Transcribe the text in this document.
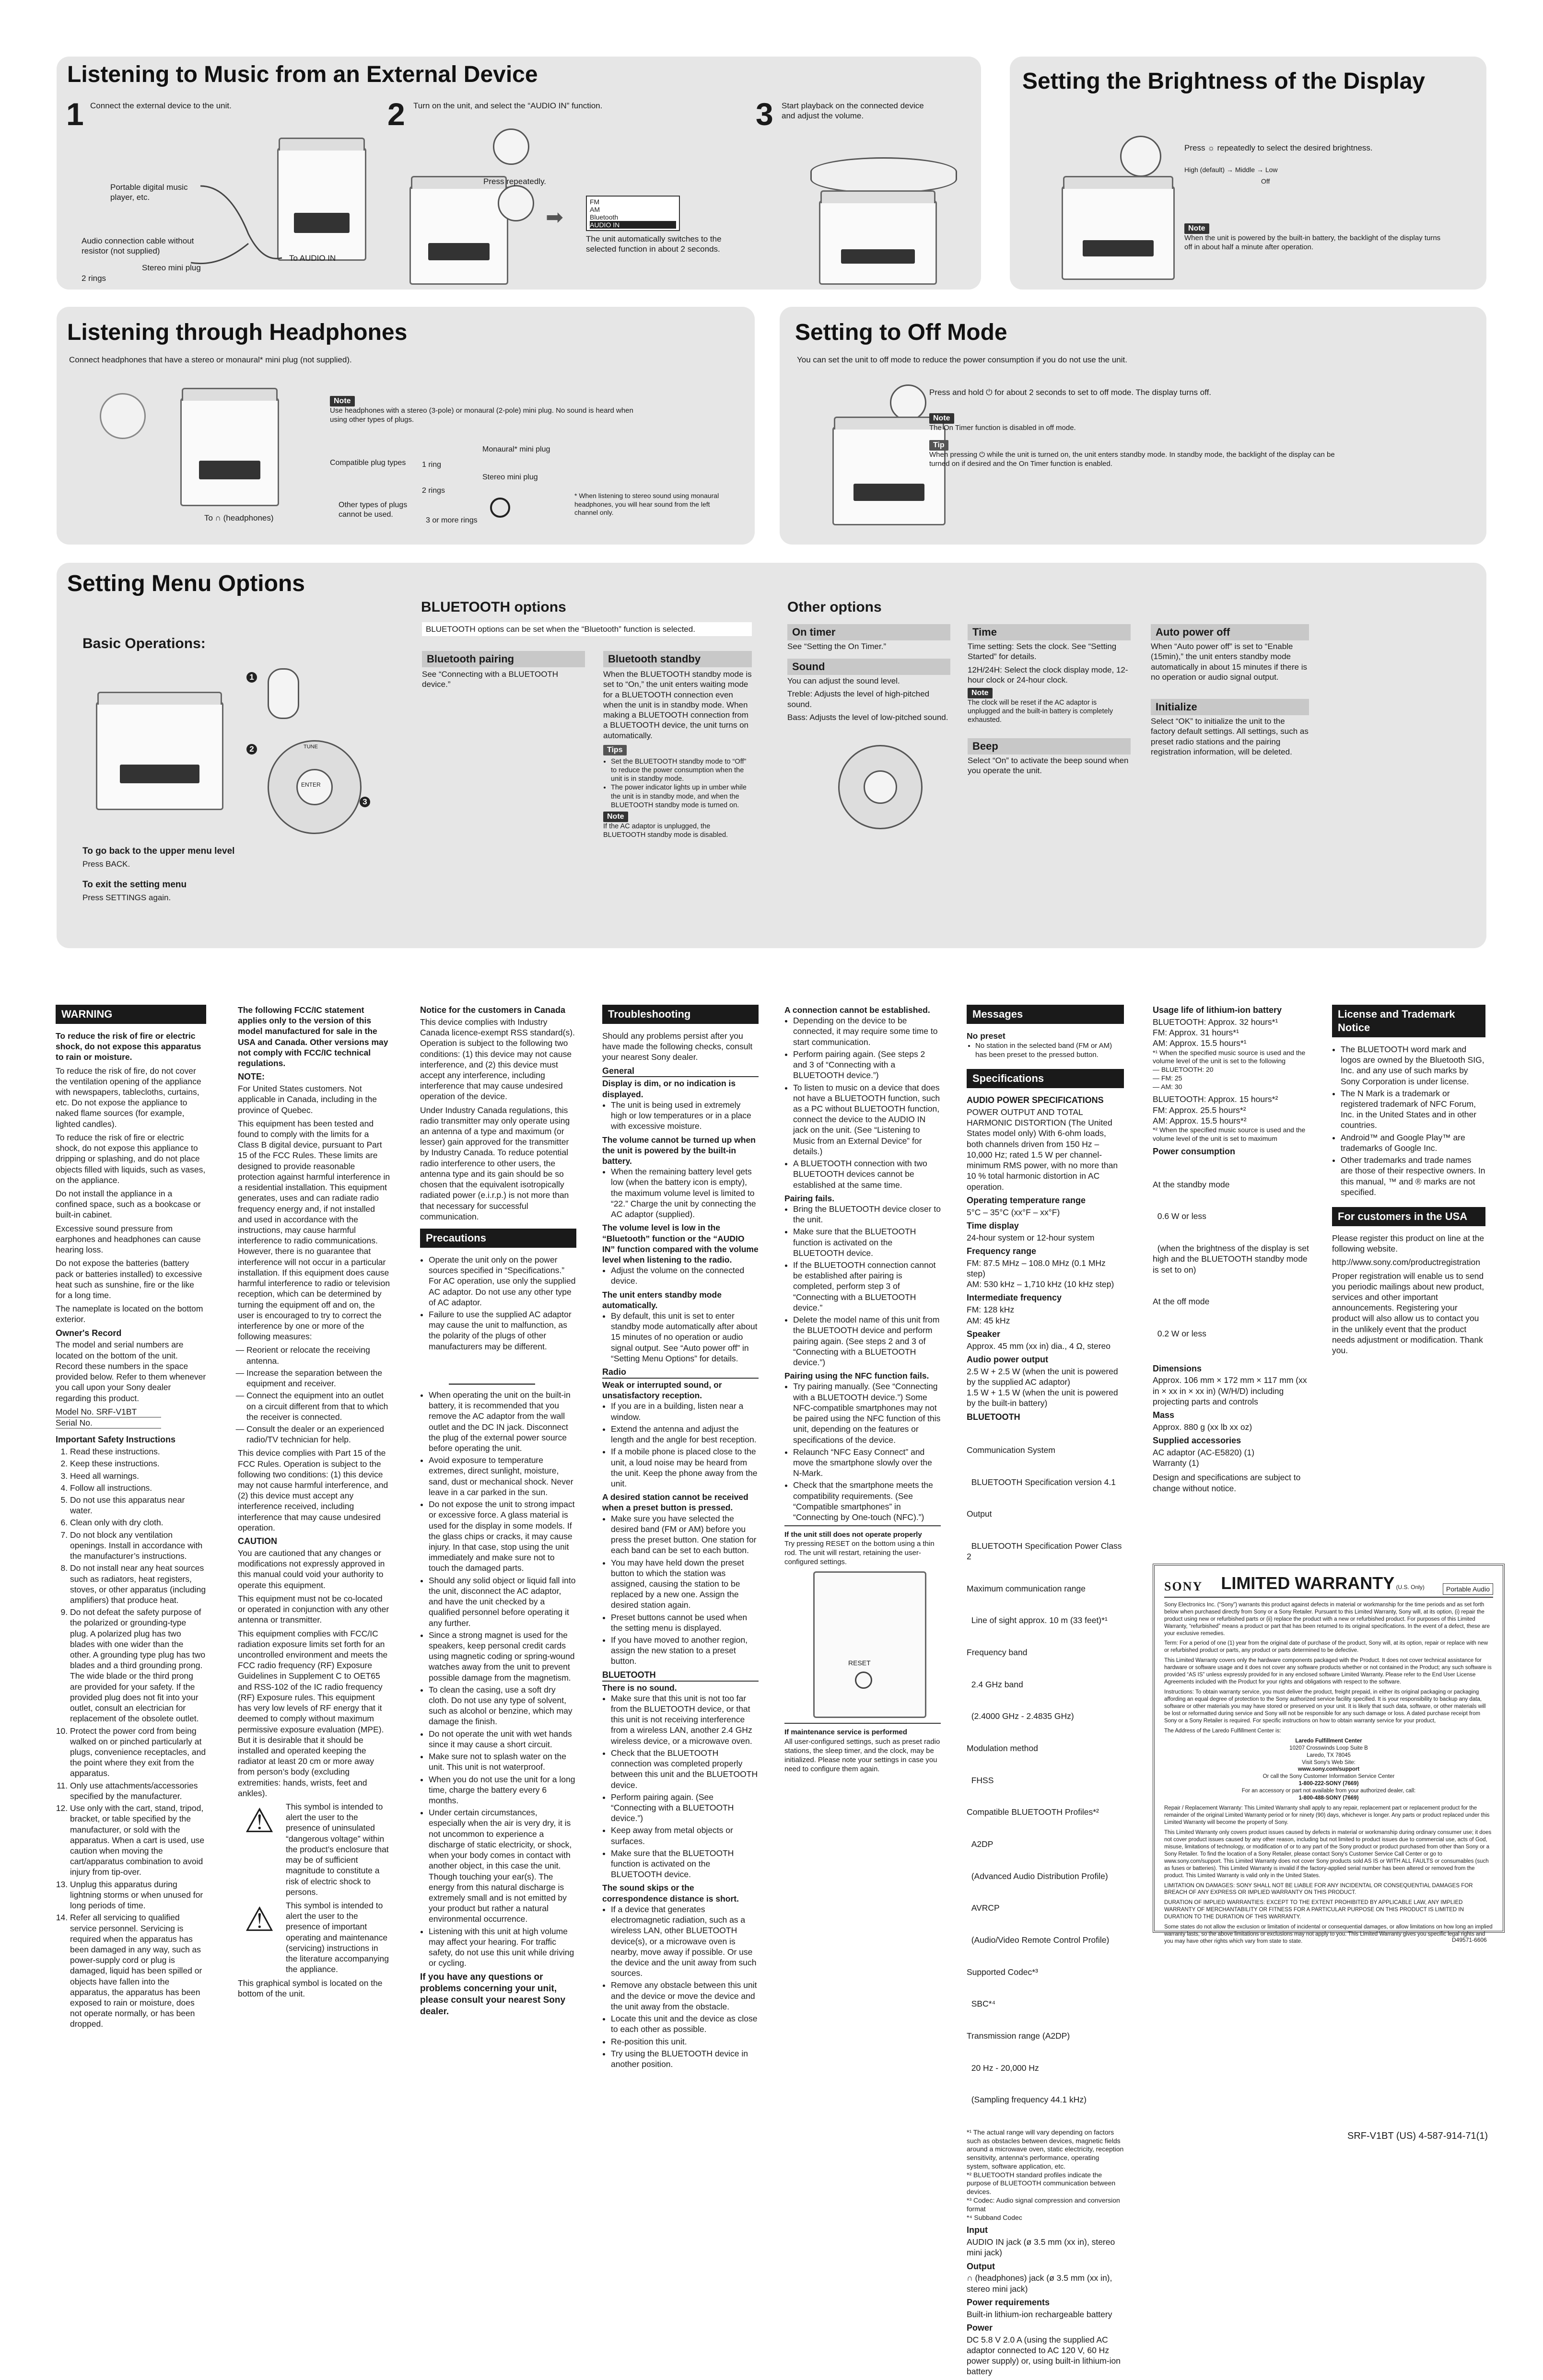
Listening to Music from an External Device
1 Connect the external device to the unit.
Portable digital music player, etc.
Audio connection cable without resistor (not supplied)
Stereo mini plug
2 rings
To AUDIO IN
2 Turn on the unit, and select the “AUDIO IN” function.
Press repeatedly.
➡
FM
AM
Bluetooth
AUDIO IN
The unit automatically switches to the selected function in about 2 seconds.
3 Start playback on the connected device and adjust the volume.
Setting the Brightness of the Display
Press ☼ repeatedly to select the desired brightness.
High (default) → Middle → Low
Off
Note
When the unit is powered by the built-in battery, the backlight of the display turns off in about half a minute after operation.
Listening through Headphones
Connect headphones that have a stereo or monaural* mini plug (not supplied).
To ∩ (headphones)
Note
Use headphones with a stereo (3-pole) or monaural (2-pole) mini plug. No sound is heard when using other types of plugs.
Compatible plug types 1 ring
Monaural* mini plug
2 rings
Stereo mini plug
Other types of plugs cannot be used.
3 or more rings
* When listening to stereo sound using monaural headphones, you will hear sound from the left channel only.
Setting to Off Mode
You can set the unit to off mode to reduce the power consumption if you do not use the unit.
Press and hold ⏻ for about 2 seconds to set to off mode. The display turns off.
Note
The On Timer function is disabled in off mode.
Tip
When pressing ⏻ while the unit is turned on, the unit enters standby mode. In standby mode, the backlight of the display can be turned on if desired and the On Timer function is enabled.
Setting Menu Options
Basic Operations:
1
TUNE
ENTER
2
3
To go back to the upper menu level
Press BACK.
To exit the setting menu
Press SETTINGS again.
BLUETOOTH options
BLUETOOTH options can be set when the “Bluetooth” function is selected.
Bluetooth pairing
See “Connecting with a BLUETOOTH device.”
Bluetooth standby
When the BLUETOOTH standby mode is set to “On,” the unit enters waiting mode for a BLUETOOTH connection even when the unit is in standby mode. When making a BLUETOOTH connection from a BLUETOOTH device, the unit turns on automatically.
Tips
• Set the BLUETOOTH standby mode to “Off” to reduce the power consumption when the unit is in standby mode.
• The power indicator lights up in umber while the unit is in standby mode, and when the BLUETOOTH standby mode is turned on.
Note
If the AC adaptor is unplugged, the BLUETOOTH standby mode is disabled.
Other options
On timer
See “Setting the On Timer.”
Sound
You can adjust the sound level.
Treble: Adjusts the level of high-pitched sound.
Bass: Adjusts the level of low-pitched sound.
Time
Time setting: Sets the clock. See “Setting Started” for details.
12H/24H: Select the clock display mode, 12-hour clock or 24-hour clock.
Note
The clock will be reset if the AC adaptor is unplugged and the built-in battery is completely exhausted.
Beep
Select “On” to activate the beep sound when you operate the unit.
Auto power off
When “Auto power off” is set to “Enable (15min),” the unit enters standby mode automatically in about 15 minutes if there is no operation or audio signal output.
Initialize
Select “OK” to initialize the unit to the factory default settings. All settings, such as preset radio stations and the pairing registration information, will be deleted.
WARNING

To reduce the risk of fire or electric shock, do not expose this apparatus to rain or moisture.

To reduce the risk of fire, do not cover the ventilation opening of the appliance with newspapers, tablecloths, curtains, etc. Do not expose the appliance to naked flame sources (for example, lighted candles).

To reduce the risk of fire or electric shock, do not expose this appliance to dripping or splashing, and do not place objects filled with liquids, such as vases, on the appliance.

Do not install the appliance in a confined space, such as a bookcase or built-in cabinet.

Excessive sound pressure from earphones and headphones can cause hearing loss.

Do not expose the batteries (battery pack or batteries installed) to excessive heat such as sunshine, fire or the like for a long time.

The nameplate is located on the bottom exterior.

Owner's Record

The model and serial numbers are located on the bottom of the unit. Record these numbers in the space provided below. Refer to them whenever you call upon your Sony dealer regarding this product.

Model No. SRF-V1BT
Serial No.
Important Safety Instructions
1. Read these instructions.
2. Keep these instructions.
3. Heed all warnings.
4. Follow all instructions.
5. Do not use this apparatus near water.
6. Clean only with dry cloth.
7. Do not block any ventilation openings. Install in accordance with the manufacturer’s instructions.
8. Do not install near any heat sources such as radiators, heat registers, stoves, or other apparatus (including amplifiers) that produce heat.
9. Do not defeat the safety purpose of the polarized or grounding-type plug. A polarized plug has two blades with one wider than the other. A grounding type plug has two blades and a third grounding prong. The wide blade or the third prong are provided for your safety. If the provided plug does not fit into your outlet, consult an electrician for replacement of the obsolete outlet.
10. Protect the power cord from being walked on or pinched particularly at plugs, convenience receptacles, and the point where they exit from the apparatus.
11. Only use attachments/accessories specified by the manufacturer.
12. Use only with the cart, stand, tripod, bracket, or table specified by the manufacturer, or sold with the apparatus. When a cart is used, use caution when moving the cart/apparatus combination to avoid injury from tip-over.
13. Unplug this apparatus during lightning storms or when unused for long periods of time.
14. Refer all servicing to qualified service personnel. Servicing is required when the apparatus has been damaged in any way, such as power-supply cord or plug is damaged, liquid has been spilled or objects have fallen into the apparatus, the apparatus has been exposed to rain or moisture, does not operate normally, or has been dropped.

The following FCC/IC statement applies only to the version of this model manufactured for sale in the USA and Canada. Other versions may not comply with FCC/IC technical regulations.

NOTE:

For United States customers. Not applicable in Canada, including in the province of Quebec.

This equipment has been tested and found to comply with the limits for a Class B digital device, pursuant to Part 15 of the FCC Rules. These limits are designed to provide reasonable protection against harmful interference in a residential installation. This equipment generates, uses and can radiate radio frequency energy and, if not installed and used in accordance with the instructions, may cause harmful interference to radio communications. However, there is no guarantee that interference will not occur in a particular installation. If this equipment does cause harmful interference to radio or television reception, which can be determined by turning the equipment off and on, the user is encouraged to try to correct the interference by one or more of the following measures:

— Reorient or relocate the receiving antenna.
— Increase the separation between the equipment and receiver.
— Connect the equipment into an outlet on a circuit different from that to which the receiver is connected.
— Consult the dealer or an experienced radio/TV technician for help.

This device complies with Part 15 of the FCC Rules. Operation is subject to the following two conditions: (1) this device may not cause harmful interference, and (2) this device must accept any interference received, including interference that may cause undesired operation.

CAUTION

You are cautioned that any changes or modifications not expressly approved in this manual could void your authority to operate this equipment.

This equipment must not be co-located or operated in conjunction with any other antenna or transmitter.

This equipment complies with FCC/IC radiation exposure limits set forth for an uncontrolled environment and meets the FCC radio frequency (RF) Exposure Guidelines in Supplement C to OET65 and RSS-102 of the IC radio frequency (RF) Exposure rules. This equipment has very low levels of RF energy that it deemed to comply without maximum permissive exposure evaluation (MPE). But it is desirable that it should be installed and operated keeping the radiator at least 20 cm or more away from person’s body (excluding extremities: hands, wrists, feet and ankles).

⚠	This symbol is intended to alert the user to the presence of uninsulated “dangerous voltage” within the product’s enclosure that may be of sufficient magnitude to constitute a risk of electric shock to persons.
⚠	This symbol is intended to alert the user to the presence of important operating and maintenance (servicing) instructions in the literature accompanying the appliance.

This graphical symbol is located on the bottom of the unit.

Notice for the customers in Canada

This device complies with Industry Canada licence-exempt RSS standard(s). Operation is subject to the following two conditions: (1) this device may not cause interference, and (2) this device must accept any interference, including interference that may cause undesired operation of the device.

Under Industry Canada regulations, this radio transmitter may only operate using an antenna of a type and maximum (or lesser) gain approved for the transmitter by Industry Canada. To reduce potential radio interference to other users, the antenna type and its gain should be so chosen that the equivalent isotropically radiated power (e.i.r.p.) is not more than that necessary for successful communication.

Precautions
• Operate the unit only on the power sources specified in “Specifications.” For AC operation, use only the supplied AC adaptor. Do not use any other type of AC adaptor.
• Failure to use the supplied AC adaptor may cause the unit to malfunction, as the polarity of the plugs of other manufacturers may be different.
• When operating the unit on the built-in battery, it is recommended that you remove the AC adaptor from the wall outlet and the DC IN jack. Disconnect the plug of the external power source before operating the unit.
• Avoid exposure to temperature extremes, direct sunlight, moisture, sand, dust or mechanical shock. Never leave in a car parked in the sun.
• Do not expose the unit to strong impact or excessive force. A glass material is used for the display in some models. If the glass chips or cracks, it may cause injury. In that case, stop using the unit immediately and make sure not to touch the damaged parts.
• Should any solid object or liquid fall into the unit, disconnect the AC adaptor, and have the unit checked by a qualified personnel before operating it any further.
• Since a strong magnet is used for the speakers, keep personal credit cards using magnetic coding or spring-wound watches away from the unit to prevent possible damage from the magnetism.
• To clean the casing, use a soft dry cloth. Do not use any type of solvent, such as alcohol or benzine, which may damage the finish.
• Do not operate the unit with wet hands since it may cause a short circuit.
• Make sure not to splash water on the unit. This unit is not waterproof.
• When you do not use the unit for a long time, charge the battery every 6 months.
• Under certain circumstances, especially when the air is very dry, it is not uncommon to experience a discharge of static electricity, or shock, when your body comes in contact with another object, in this case the unit. Though touching your ear(s). The energy from this natural discharge is extremely small and is not emitted by your product but rather a natural environmental occurrence.
• Listening with this unit at high volume may affect your hearing. For traffic safety, do not use this unit while driving or cycling.

If you have any questions or problems concerning your unit, please consult your nearest Sony dealer.

Troubleshooting

Should any problems persist after you have made the following checks, consult your nearest Sony dealer.

General

Display is dim, or no indication is displayed.

• The unit is being used in extremely high or low temperatures or in a place with excessive moisture.

The volume cannot be turned up when the unit is powered by the built-in battery.

• When the remaining battery level gets low (when the battery icon is empty), the maximum volume level is limited to “22.” Charge the unit by connecting the AC adaptor (supplied).

The volume level is low in the “Bluetooth” function or the “AUDIO IN” function compared with the volume level when listening to the radio.

• Adjust the volume on the connected device.

The unit enters standby mode automatically.

• By default, this unit is set to enter standby mode automatically after about 15 minutes of no operation or audio signal output. See “Auto power off” in “Setting Menu Options” for details.
Radio

Weak or interrupted sound, or unsatisfactory reception.

• If you are in a building, listen near a window.
• Extend the antenna and adjust the length and the angle for best reception.
• If a mobile phone is placed close to the unit, a loud noise may be heard from the unit. Keep the phone away from the unit.

A desired station cannot be received when a preset button is pressed.

• Make sure you have selected the desired band (FM or AM) before you press the preset button. One station for each band can be set to each button.
• You may have held down the preset button to which the station was assigned, causing the station to be replaced by a new one. Assign the desired station again.
• Preset buttons cannot be used when the setting menu is displayed.
• If you have moved to another region, assign the new station to a preset button.
BLUETOOTH

There is no sound.

• Make sure that this unit is not too far from the BLUETOOTH device, or that this unit is not receiving interference from a wireless LAN, another 2.4 GHz wireless device, or a microwave oven.
• Check that the BLUETOOTH connection was completed properly between this unit and the BLUETOOTH device.
• Perform pairing again. (See “Connecting with a BLUETOOTH device.”)
• Keep away from metal objects or surfaces.
• Make sure that the BLUETOOTH function is activated on the BLUETOOTH device.

The sound skips or the correspondence distance is short.

• If a device that generates electromagnetic radiation, such as a wireless LAN, other BLUETOOTH device(s), or a microwave oven is nearby, move away if possible. Or use the device and the unit away from such sources.
• Remove any obstacle between this unit and the device or move the device and the unit away from the obstacle.
• Locate this unit and the device as close to each other as possible.
• Re-position this unit.
• Try using the BLUETOOTH device in another position.

A connection cannot be established.

• Depending on the device to be connected, it may require some time to start communication.
• Perform pairing again. (See steps 2 and 3 of “Connecting with a BLUETOOTH device.”)
• To listen to music on a device that does not have a BLUETOOTH function, such as a PC without BLUETOOTH function, connect the device to the AUDIO IN jack on the unit. (See “Listening to Music from an External Device” for details.)
• A BLUETOOTH connection with two BLUETOOTH devices cannot be established at the same time.

Pairing fails.

• Bring the BLUETOOTH device closer to the unit.
• Make sure that the BLUETOOTH function is activated on the BLUETOOTH device.
• If the BLUETOOTH connection cannot be established after pairing is completed, perform step 3 of “Connecting with a BLUETOOTH device.”
• Delete the model name of this unit from the BLUETOOTH device and perform pairing again. (See steps 2 and 3 of “Connecting with a BLUETOOTH device.”)

Pairing using the NFC function fails.

• Try pairing manually. (See “Connecting with a BLUETOOTH device.”) Some NFC-compatible smartphones may not be paired using the NFC function of this unit, depending on the features or specifications of the device.
• Relaunch “NFC Easy Connect” and move the smartphone slowly over the N-Mark.
• Check that the smartphone meets the compatibility requirements. (See “Compatible smartphones” in “Connecting by One-touch (NFC).”)

If the unit still does not operate properly

Try pressing RESET on the bottom using a thin rod. The unit will restart, retaining the user-configured settings.

RESET

If maintenance service is performed

All user-configured settings, such as preset radio stations, the sleep timer, and the clock, may be initialized. Please note your settings in case you need to configure them again.

Messages

No preset

• No station in the selected band (FM or AM) has been preset to the pressed button.
Specifications
AUDIO POWER SPECIFICATIONS

POWER OUTPUT AND TOTAL HARMONIC DISTORTION (The United States model only) With 6-ohm loads, both channels driven from 150 Hz – 10,000 Hz; rated 1.5 W per channel-minimum RMS power, with no more than 10 % total harmonic distortion in AC operation.

Operating temperature range

5°C – 35°C (xx°F – xx°F)

Time display

24-hour system or 12-hour system

Frequency range

FM: 87.5 MHz – 108.0 MHz (0.1 MHz step)

AM: 530 kHz – 1,710 kHz (10 kHz step)

Intermediate frequency

FM: 128 kHz

AM: 45 kHz

Speaker

Approx. 45 mm (xx in) dia., 4 Ω, stereo

Audio power output

2.5 W + 2.5 W (when the unit is powered by the supplied AC adaptor)

1.5 W + 1.5 W (when the unit is powered by the built-in battery)

BLUETOOTH

Communication System

BLUETOOTH Specification version 4.1

Output

BLUETOOTH Specification Power Class 2

Maximum communication range

Line of sight approx. 10 m (33 feet)*¹

Frequency band

2.4 GHz band

(2.4000 GHz - 2.4835 GHz)

Modulation method

FHSS

Compatible BLUETOOTH Profiles*²

A2DP

(Advanced Audio Distribution Profile)

AVRCP

(Audio/Video Remote Control Profile)

Supported Codec*³

SBC*⁴

Transmission range (A2DP)

20 Hz - 20,000 Hz

(Sampling frequency 44.1 kHz)

*¹ The actual range will vary depending on factors such as obstacles between devices, magnetic fields around a microwave oven, static electricity, reception sensitivity, antenna's performance, operating system, software application, etc.
*² BLUETOOTH standard profiles indicate the purpose of BLUETOOTH communication between devices.
*³ Codec: Audio signal compression and conversion format
*⁴ Subband Codec
Input

AUDIO IN jack (ø 3.5 mm (xx in), stereo mini jack)

Output

∩ (headphones) jack (ø 3.5 mm (xx in), stereo mini jack)

Power requirements

Built-in lithium-ion rechargeable battery

Power

DC 5.8 V 2.0 A (using the supplied AC adaptor connected to AC 120 V, 60 Hz power supply) or, using built-in lithium-ion battery

Usage life of lithium-ion battery
BLUETOOTH: Approx. 32 hours*¹
FM: Approx. 31 hours*¹
AM: Approx. 15.5 hours*¹
*¹ When the specified music source is used and the volume level of the unit is set to the following
— BLUETOOTH: 20
— FM: 25
— AM: 30
BLUETOOTH: Approx. 15 hours*²
FM: Approx. 25.5 hours*²
AM: Approx. 15.5 hours*²
*² When the specified music source is used and the volume level of the unit is set to maximum
Power consumption

At the standby mode

0.6 W or less

(when the brightness of the display is set high and the BLUETOOTH standby mode is set to on)

At the off mode

0.2 W or less

Dimensions

Approx. 106 mm × 172 mm × 117 mm (xx in × xx in × xx in) (W/H/D) including projecting parts and controls

Mass

Approx. 880 g (xx lb xx oz)

Supplied accessories
AC adaptor (AC-E5820) (1)
Warranty (1)

Design and specifications are subject to change without notice.

License and Trademark Notice
• The BLUETOOTH word mark and logos are owned by the Bluetooth SIG, Inc. and any use of such marks by Sony Corporation is under license.
• The N Mark is a trademark or registered trademark of NFC Forum, Inc. in the United States and in other countries.
• Android™ and Google Play™ are trademarks of Google Inc.
• Other trademarks and trade names are those of their respective owners. In this manual, ™ and ® marks are not specified.
For customers in the USA

Please register this product on line at the following website.

http://www.sony.com/productregistration

Proper registration will enable us to send you periodic mailings about new product, services and other important announcements. Registering your product will also allow us to contact you in the unlikely event that the product needs adjustment or modification. Thank you.

SONY LIMITED WARRANTY (U.S. Only)	Portable Audio

Sony Electronics Inc. (“Sony”) warrants this product against defects in material or workmanship for the time periods and as set forth below when purchased directly from Sony or a Sony Retailer. Pursuant to this Limited Warranty, Sony will, at its option, (i) repair the product using new or refurbished parts or (ii) replace the product with a new or refurbished product. For purposes of this Limited Warranty, “refurbished” means a product or part that has been returned to its original specifications. In the event of a defect, these are your exclusive remedies.

Term: For a period of one (1) year from the original date of purchase of the product, Sony will, at its option, repair or replace with new or refurbished product or parts, any product or parts determined to be defective.

This Limited Warranty covers only the hardware components packaged with the Product. It does not cover technical assistance for hardware or software usage and it does not cover any software products whether or not contained in the Product; any such software is provided “AS IS” unless expressly provided for in any enclosed software Limited Warranty. Please refer to the End User License Agreements included with the Product for your rights and obligations with respect to the software.

Instructions: To obtain warranty service, you must deliver the product, freight prepaid, in either its original packaging or packaging affording an equal degree of protection to the Sony authorized service facility specified. It is your responsibility to backup any data, software or other materials you may have stored or preserved on your unit. It is likely that such data, software, or other materials will be lost or reformatted during service and Sony will not be responsible for any such damage or loss. A dated purchase receipt from Sony or a Sony Retailer is required. For specific instructions on how to obtain warranty service for your product,

The Address of the Laredo Fulfillment Center is:

Laredo Fulfillment Center
10207 Crosswinds Loop Suite B
Laredo, TX 78045
Visit Sony's Web Site:
www.sony.com/support
Or call the Sony Customer Information Service Center
1-800-222-SONY (7669)
For an accessory or part not available from your authorized dealer, call:
1-800-488-SONY (7669)

Repair / Replacement Warranty: This Limited Warranty shall apply to any repair, replacement part or replacement product for the remainder of the original Limited Warranty period or for ninety (90) days, whichever is longer. Any parts or product replaced under this Limited Warranty will become the property of Sony.

This Limited Warranty only covers product issues caused by defects in material or workmanship during ordinary consumer use; it does not cover product issues caused by any other reason, including but not limited to product issues due to commercial use, acts of God, misuse, limitations of technology, or modification of or to any part of the Sony product or product purchased from other than Sony or a Sony Retailer. To find the location of a Sony Retailer, please contact Sony's Customer Service Call Center or go to www.sony.com/support. This Limited Warranty does not cover Sony products sold AS IS or WITH ALL FAULTS or consumables (such as fuses or batteries). This Limited Warranty is invalid if the factory-applied serial number has been altered or removed from the product. This Limited Warranty is valid only in the United States.

LIMITATION ON DAMAGES: SONY SHALL NOT BE LIABLE FOR ANY INCIDENTAL OR CONSEQUENTIAL DAMAGES FOR BREACH OF ANY EXPRESS OR IMPLIED WARRANTY ON THIS PRODUCT.

DURATION OF IMPLIED WARRANTIES: EXCEPT TO THE EXTENT PROHIBITED BY APPLICABLE LAW, ANY IMPLIED WARRANTY OF MERCHANTABILITY OR FITNESS FOR A PARTICULAR PURPOSE ON THIS PRODUCT IS LIMITED IN DURATION TO THE DURATION OF THIS WARRANTY.

Some states do not allow the exclusion or limitation of incidental or consequential damages, or allow limitations on how long an implied warranty lasts, so the above limitations or exclusions may not apply to you. This Limited Warranty gives you specific legal rights and you may have other rights which vary from state to state.	D49571-6606
SRF-V1BT (US) 4-587-914-71(1)
